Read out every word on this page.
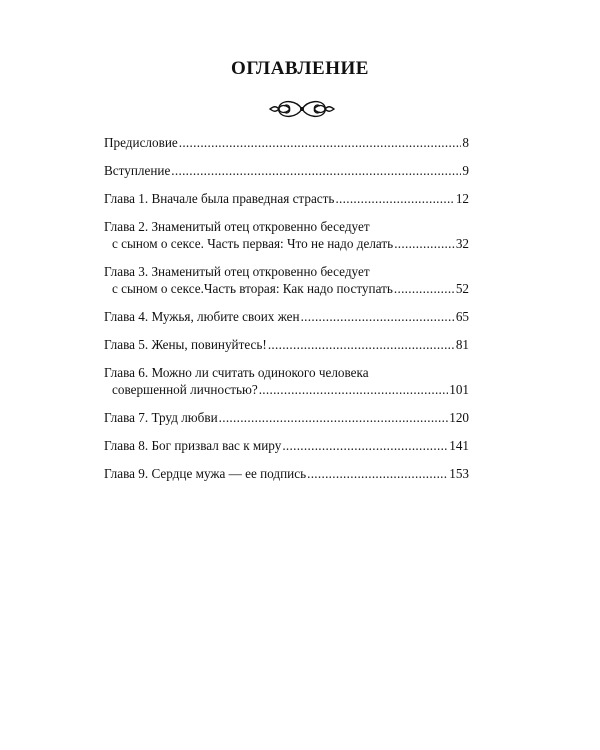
ОГЛАВЛЕНИЕ
Предисловие .....	8
Вступление .....	9
Глава 1. Вначале была праведная страсть .....	12
Глава 2. Знаменитый отец откровенно беседует
с сыном о сексе. Часть первая: Что не надо делать .....	32
Глава 3. Знаменитый отец откровенно беседует
с сыном о сексе.Часть вторая: Как надо поступать .....	52
Глава 4. Мужья, любите своих жен .....	65
Глава 5. Жены, повинуйтесь! .....	81
Глава 6. Можно ли считать одинокого человека
совершенной личностью? .....	101
Глава 7. Труд любви .....	120
Глава 8. Бог призвал вас к миру .....	141
Глава 9. Сердце мужа — ее подпись .....	153
